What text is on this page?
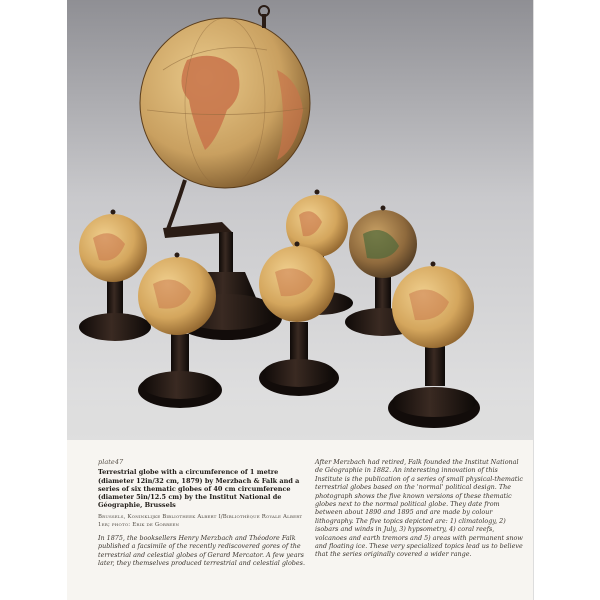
plate47
Terrestrial globe with a circumference of 1 metre (diameter 12in/32 cm, 1879) by Merzbach & Falk and a series of six thematic globes of 40 cm circumference (diameter 5in/12.5 cm) by the Institut National de Géographie, Brussels
Brussels, Koninklijke Bibliotheek Albert I/Bibliothèque Royale Albert 1er; photo: Erik de Gorreen
In 1875, the booksellers Henry Merzbach and Théodore Falk published a facsimile of the recently rediscovered gores of the terrestrial and celestial globes of Gerard Mercator. A few years later, they themselves produced terrestrial and celestial globes.
After Merzbach had retired, Falk founded the Institut National de Géographie in 1882. An interesting innovation of this Institute is the publication of a series of small physical-thematic terrestrial globes based on the 'normal' political design. The photograph shows the five known versions of these thematic globes next to the normal political globe. They date from between about 1890 and 1895 and are made by colour lithography. The five topics depicted are: 1) climatology, 2) isobars and winds in July, 3) hypsometry, 4) coral reefs, volcanoes and earth tremors and 5) areas with permanent snow and floating ice. These very specialized topics lead us to believe that the series originally covered a wider range.
